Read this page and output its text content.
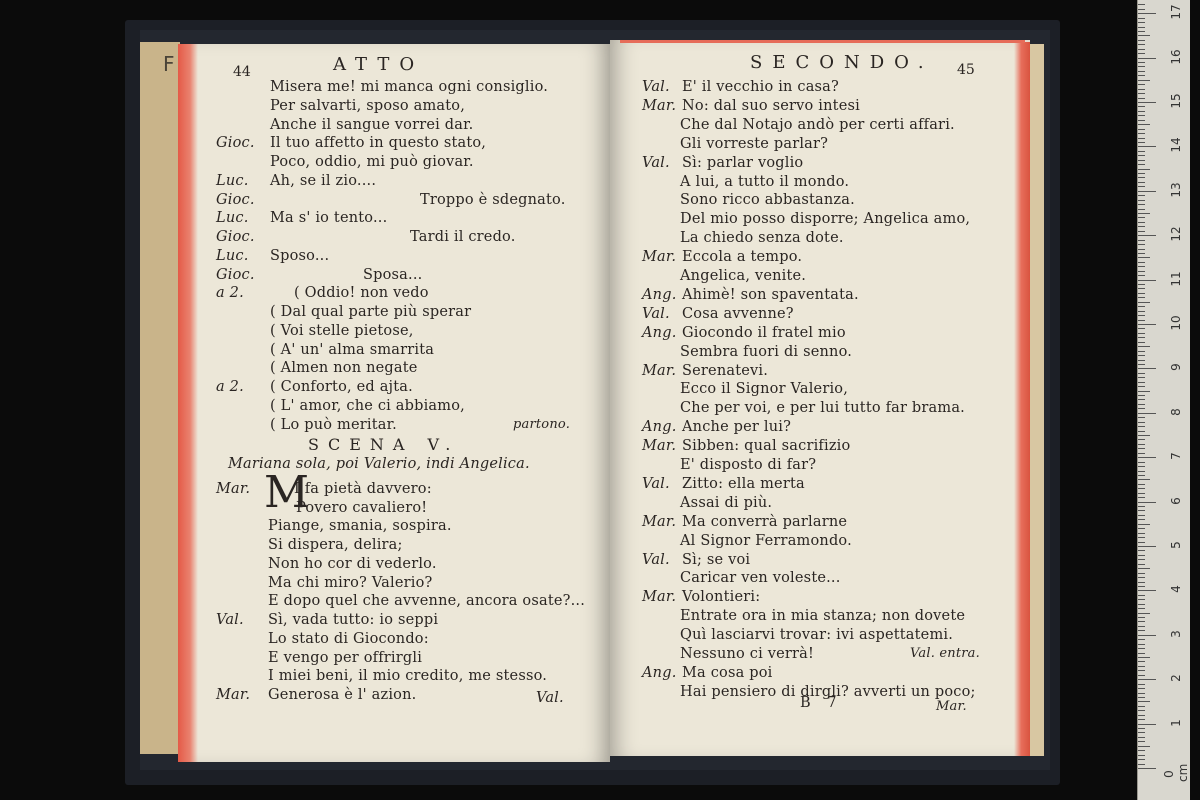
44	ATTO
Misera me! mi manca ogni consiglio.
Per salvarti, sposo amato,
Anche il sangue vorrei dar.
Gioc. Il tuo affetto in questo stato,
Poco, oddio, mi può giovar.
Luc. Ah, se il zio....
Gioc.	Troppo è sdegnato.
Luc. Ma s' io tento...
Gioc.	Tardi il credo.
Luc. Sposo...
Gioc.	Sposa...
a 2.	( Oddio! non vedo
( Dal qual parte più sperar
( Voi stelle pietose,
( A' un' alma smarrita
( Almen non negate
a 2. ( Conforto, ed ajta.
( L' amor, che ci abbiamo,
( Lo può meritar.
SCENA V.
Mariana sola, poi Valerio, indi Angelica.
Mar.	I fa pietà davvero:
Povero cavaliero!
Piange, smania, sospira.
Si dispera, delira;
Non ho cor di vederlo.
Ma chi miro? Valerio?
E dopo quel che avvenne, ancora osate?...
Val. Sì, vada tutto: io seppi
Lo stato di Giocondo:
E vengo per offrirgli
I miei beni, il mio credito, me stesso.
Mar. Generosa è l' azion.
M
partono.
Val.
SECONDO. 45
Val. E' il vecchio in casa?
Mar. No: dal suo servo intesi
Che dal Notajo andò per certi affari.
Gli vorreste parlar?
Val. Sì: parlar voglio
A lui, a tutto il mondo.
Sono ricco abbastanza.
Del mio posso disporre; Angelica amo,
La chiedo senza dote.
Mar. Eccola a tempo.
Angelica, venite.
Ang. Ahimè! son spaventata.
Val. Cosa avvenne?
Ang. Giocondo il fratel mio
Sembra fuori di senno.
Mar. Serenatevi.
Ecco il Signor Valerio,
Che per voi, e per lui tutto far brama.
Ang. Anche per lui?
Mar. Sibben: qual sacrifizio
E' disposto di far?
Val. Zitto: ella merta
Assai di più.
Mar. Ma converrà parlarne
Al Signor Ferramondo.
Val. Sì; se voi
Caricar ven voleste...
Mar. Volontieri:
Entrate ora in mia stanza; non dovete
Quì lasciarvi trovar: ivi aspettatemi.
Nessuno ci verrà!
Ang. Ma cosa poi
Hai pensiero di dirgli? avverti un poco;
Val. entra.
B 7	Mar.
F
0 cm
1
2
3
4
5
6
7
8
9
10
11
12
13
14
15
16
17
